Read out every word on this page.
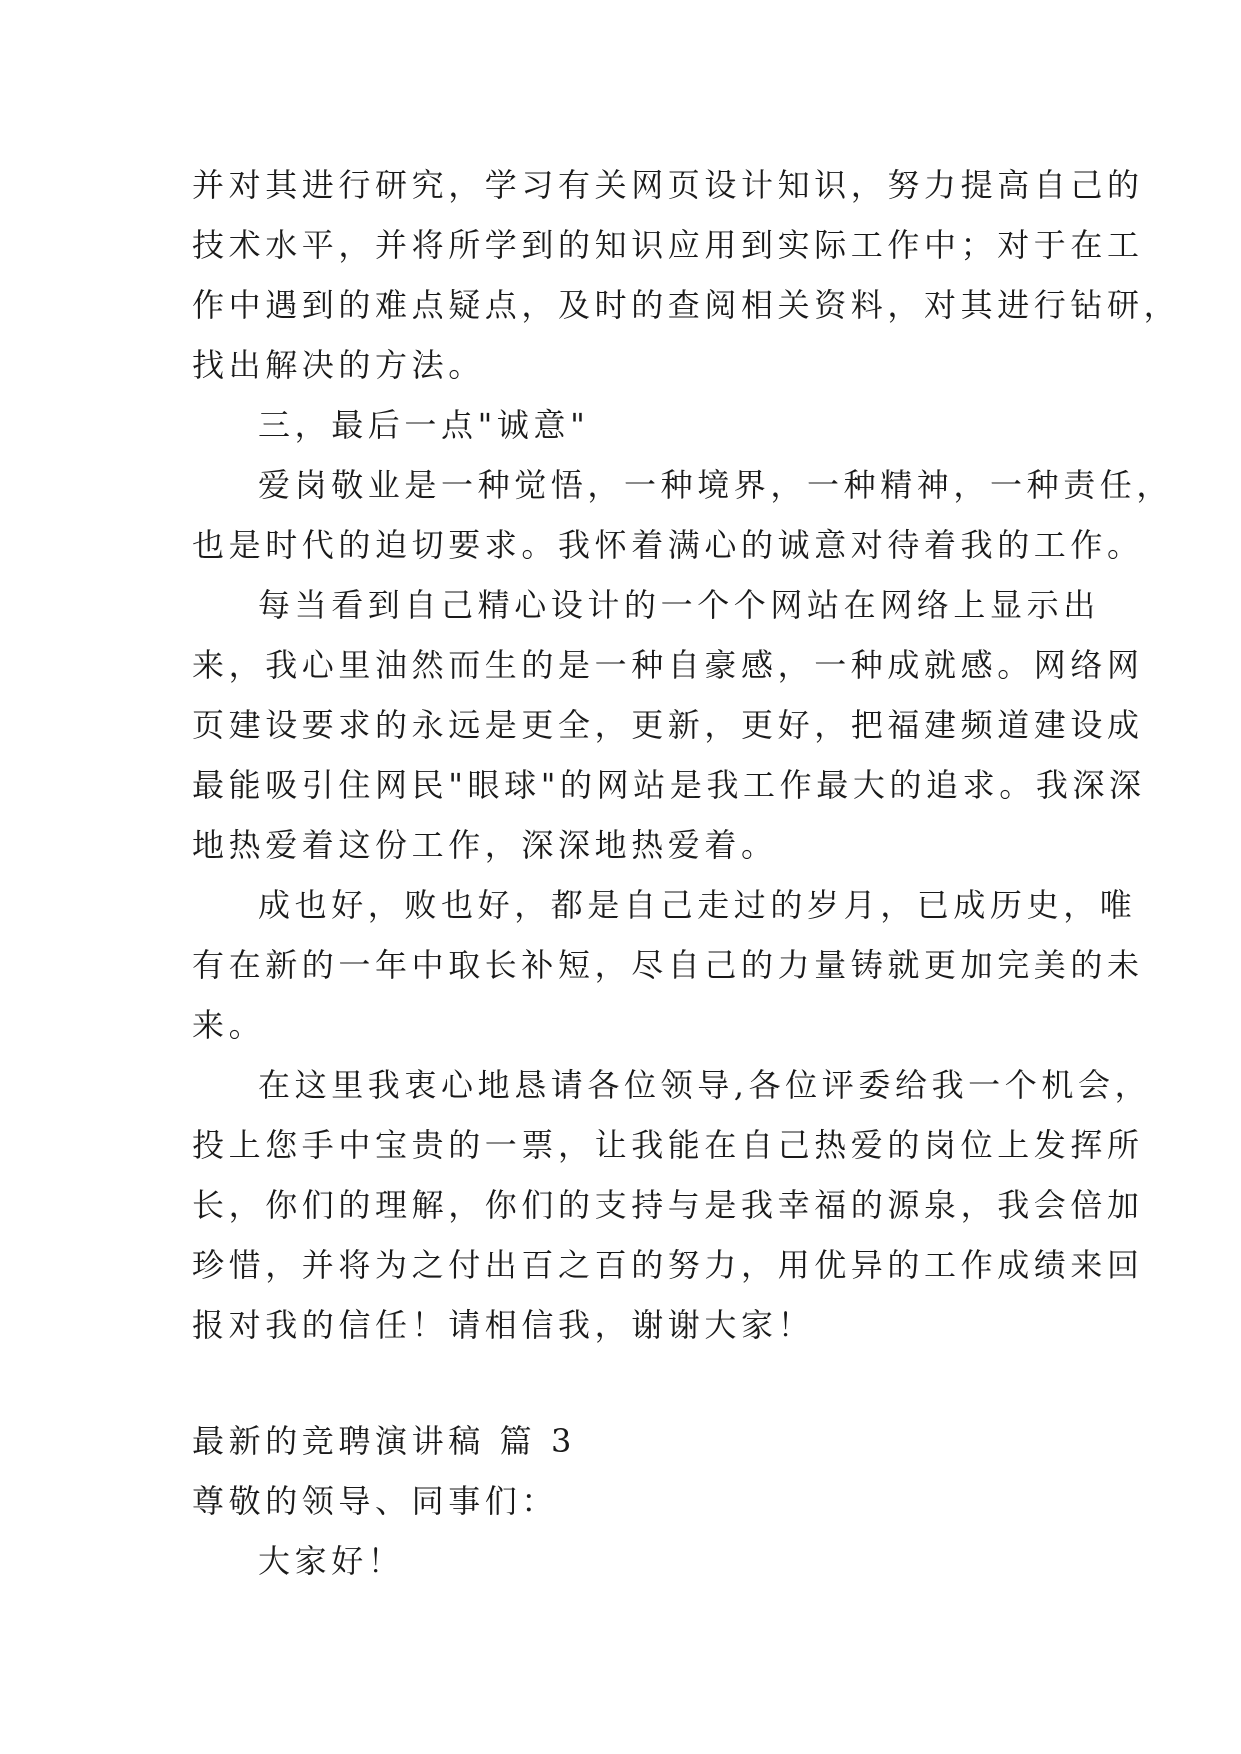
并对其进行研究，学习有关网页设计知识，努力提高自己的

技术水平，并将所学到的知识应用到实际工作中；对于在工

作中遇到的难点疑点，及时的查阅相关资料，对其进行钻研，

找出解决的方法。

三，最后一点"诚意"

爱岗敬业是一种觉悟，一种境界，一种精神，一种责任，

也是时代的迫切要求。我怀着满心的诚意对待着我的工作。

每当看到自己精心设计的一个个网站在网络上显示出

来，我心里油然而生的是一种自豪感，一种成就感。网络网

页建设要求的永远是更全，更新，更好，把福建频道建设成

最能吸引住网民"眼球"的网站是我工作最大的追求。我深深

地热爱着这份工作，深深地热爱着。

成也好，败也好，都是自己走过的岁月，已成历史，唯

有在新的一年中取长补短，尽自己的力量铸就更加完美的未

来。

在这里我衷心地恳请各位领导,各位评委给我一个机会，

投上您手中宝贵的一票，让我能在自己热爱的岗位上发挥所

长，你们的理解，你们的支持与是我幸福的源泉，我会倍加

珍惜，并将为之付出百之百的努力，用优异的工作成绩来回

报对我的信任！请相信我，谢谢大家！

最新的竞聘演讲稿 篇 3

尊敬的领导、同事们：

大家好！
